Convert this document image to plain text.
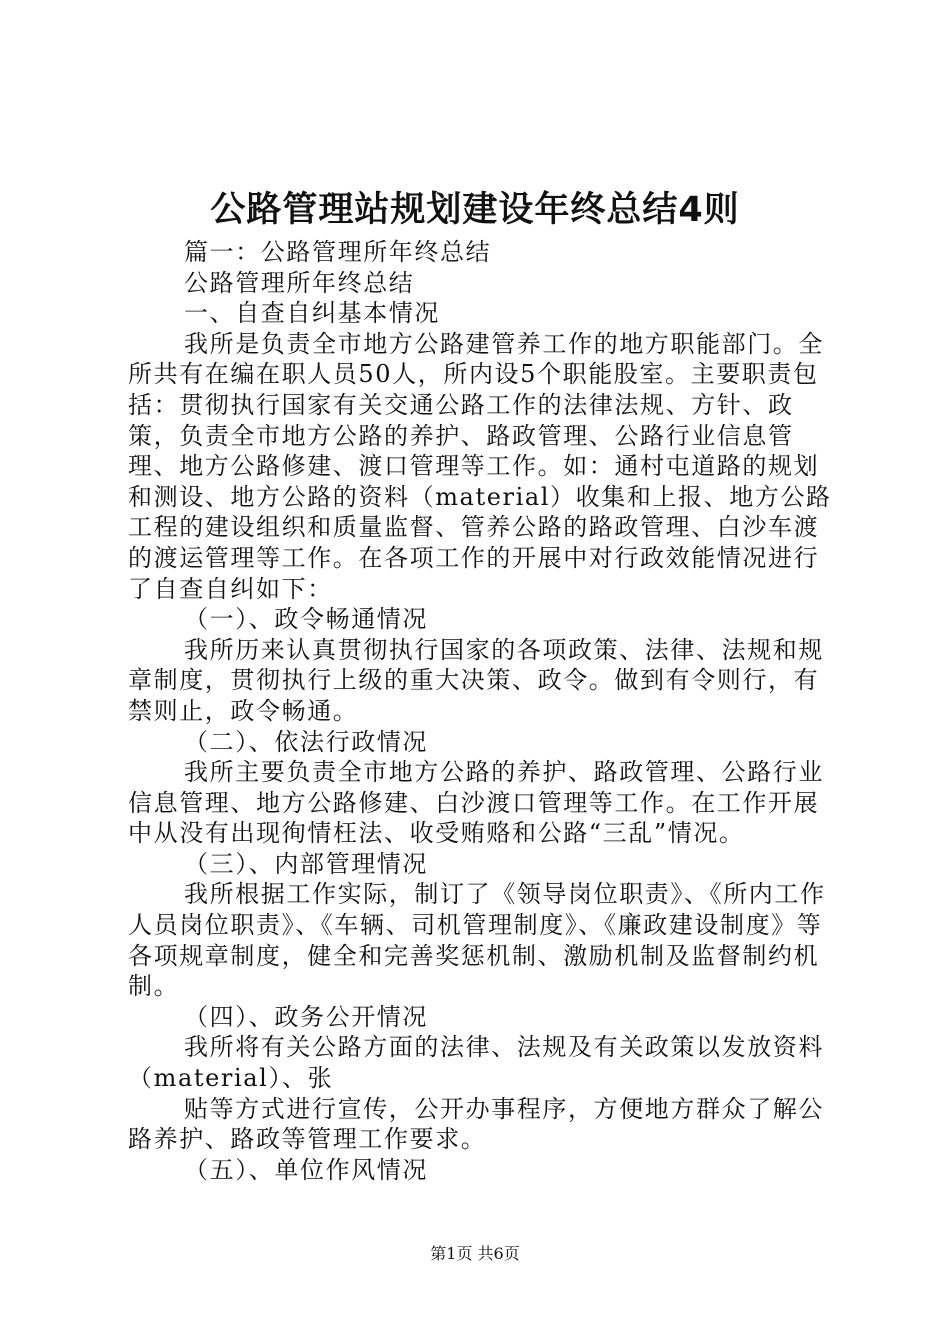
公路管理站规划建设年终总结4则

篇一：公路管理所年终总结

公路管理所年终总结

一、自查自纠基本情况

我所是负责全市地方公路建管养工作的地方职能部门。全所共有在编在职人员50人，所内设5个职能股室。主要职责包括：贯彻执行国家有关交通公路工作的法律法规、方针、政策，负责全市地方公路的养护、路政管理、公路行业信息管理、地方公路修建、渡口管理等工作。如：通村屯道路的规划和测设、地方公路的资料（material）收集和上报、地方公路工程的建设组织和质量监督、管养公路的路政管理、白沙车渡的渡运管理等工作。在各项工作的开展中对行政效能情况进行了自查自纠如下：

（一）、政令畅通情况

我所历来认真贯彻执行国家的各项政策、法律、法规和规章制度，贯彻执行上级的重大决策、政令。做到有令则行，有禁则止，政令畅通。

（二）、依法行政情况

我所主要负责全市地方公路的养护、路政管理、公路行业信息管理、地方公路修建、白沙渡口管理等工作。在工作开展中从没有出现徇情枉法、收受贿赂和公路“三乱”情况。

（三）、内部管理情况

我所根据工作实际，制订了《领导岗位职责》、《所内工作人员岗位职责》、《车辆、司机管理制度》、《廉政建设制度》等各项规章制度，健全和完善奖惩机制、激励机制及监督制约机制。

（四）、政务公开情况

我所将有关公路方面的法律、法规及有关政策以发放资料（material）、张

贴等方式进行宣传，公开办事程序，方便地方群众了解公路养护、路政等管理工作要求。

（五）、单位作风情况

第1页 共6页
